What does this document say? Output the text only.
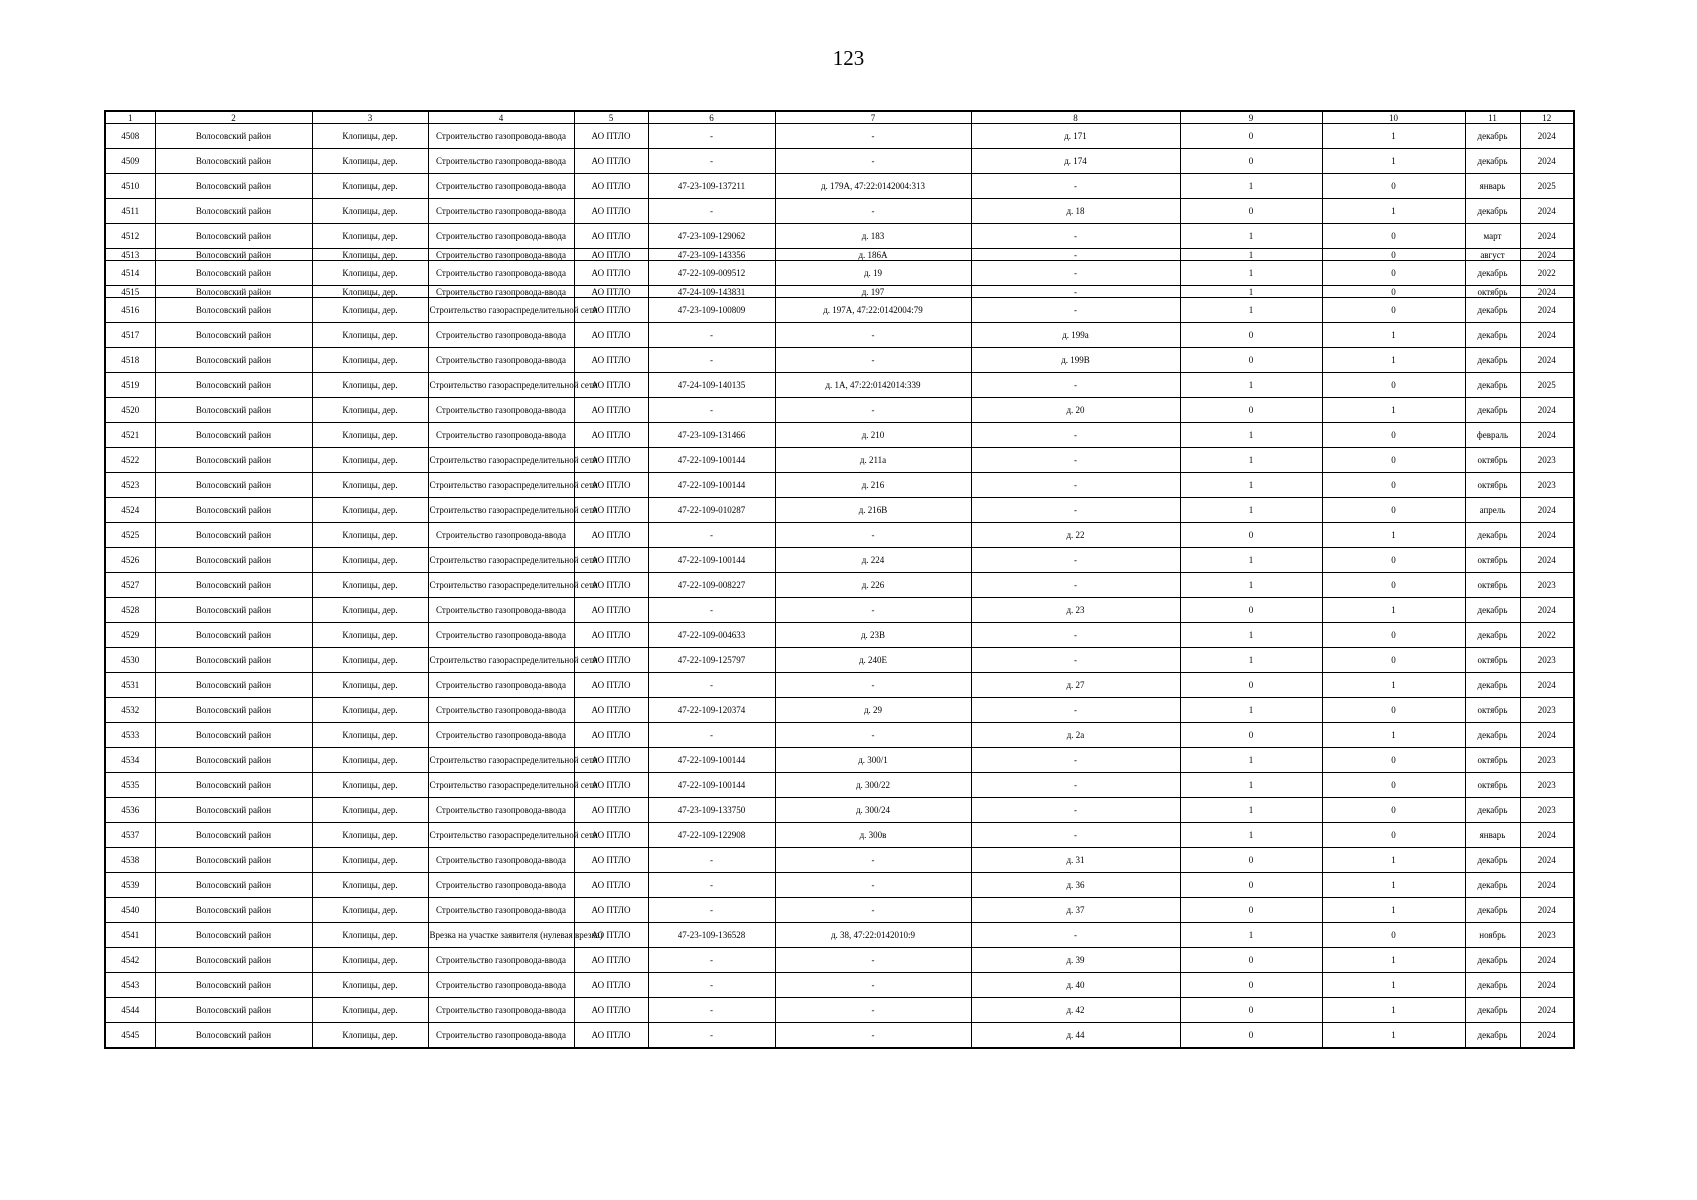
123
1	2	3	4	5	6	7	8	9	10	11	12
4508	Волосовский район	Клопицы, дер.	Строительство газопровода-ввода	АО ПТЛО	-	-	д. 171	0	1	декабрь	2024
4509	Волосовский район	Клопицы, дер.	Строительство газопровода-ввода	АО ПТЛО	-	-	д. 174	0	1	декабрь	2024
4510	Волосовский район	Клопицы, дер.	Строительство газопровода-ввода	АО ПТЛО	47-23-109-137211	д. 179А, 47:22:0142004:313	-	1	0	январь	2025
4511	Волосовский район	Клопицы, дер.	Строительство газопровода-ввода	АО ПТЛО	-	-	д. 18	0	1	декабрь	2024
4512	Волосовский район	Клопицы, дер.	Строительство газопровода-ввода	АО ПТЛО	47-23-109-129062	д. 183	-	1	0	март	2024
4513	Волосовский район	Клопицы, дер.	Строительство газопровода-ввода	АО ПТЛО	47-23-109-143356	д. 186А	-	1	0	август	2024
4514	Волосовский район	Клопицы, дер.	Строительство газопровода-ввода	АО ПТЛО	47-22-109-009512	д. 19	-	1	0	декабрь	2022
4515	Волосовский район	Клопицы, дер.	Строительство газопровода-ввода	АО ПТЛО	47-24-109-143831	д. 197	-	1	0	октябрь	2024
4516	Волосовский район	Клопицы, дер.	Строительство газораспределительной сети	АО ПТЛО	47-23-109-100809	д. 197А, 47:22:0142004:79	-	1	0	декабрь	2024
4517	Волосовский район	Клопицы, дер.	Строительство газопровода-ввода	АО ПТЛО	-	-	д. 199а	0	1	декабрь	2024
4518	Волосовский район	Клопицы, дер.	Строительство газопровода-ввода	АО ПТЛО	-	-	д. 199В	0	1	декабрь	2024
4519	Волосовский район	Клопицы, дер.	Строительство газораспределительной сети	АО ПТЛО	47-24-109-140135	д. 1А, 47:22:0142014:339	-	1	0	декабрь	2025
4520	Волосовский район	Клопицы, дер.	Строительство газопровода-ввода	АО ПТЛО	-	-	д. 20	0	1	декабрь	2024
4521	Волосовский район	Клопицы, дер.	Строительство газопровода-ввода	АО ПТЛО	47-23-109-131466	д. 210	-	1	0	февраль	2024
4522	Волосовский район	Клопицы, дер.	Строительство газораспределительной сети	АО ПТЛО	47-22-109-100144	д. 211а	-	1	0	октябрь	2023
4523	Волосовский район	Клопицы, дер.	Строительство газораспределительной сети	АО ПТЛО	47-22-109-100144	д. 216	-	1	0	октябрь	2023
4524	Волосовский район	Клопицы, дер.	Строительство газораспределительной сети	АО ПТЛО	47-22-109-010287	д. 216В	-	1	0	апрель	2024
4525	Волосовский район	Клопицы, дер.	Строительство газопровода-ввода	АО ПТЛО	-	-	д. 22	0	1	декабрь	2024
4526	Волосовский район	Клопицы, дер.	Строительство газораспределительной сети	АО ПТЛО	47-22-109-100144	д. 224	-	1	0	октябрь	2024
4527	Волосовский район	Клопицы, дер.	Строительство газораспределительной сети	АО ПТЛО	47-22-109-008227	д. 226	-	1	0	октябрь	2023
4528	Волосовский район	Клопицы, дер.	Строительство газопровода-ввода	АО ПТЛО	-	-	д. 23	0	1	декабрь	2024
4529	Волосовский район	Клопицы, дер.	Строительство газопровода-ввода	АО ПТЛО	47-22-109-004633	д. 23В	-	1	0	декабрь	2022
4530	Волосовский район	Клопицы, дер.	Строительство газораспределительной сети	АО ПТЛО	47-22-109-125797	д. 240Е	-	1	0	октябрь	2023
4531	Волосовский район	Клопицы, дер.	Строительство газопровода-ввода	АО ПТЛО	-	-	д. 27	0	1	декабрь	2024
4532	Волосовский район	Клопицы, дер.	Строительство газопровода-ввода	АО ПТЛО	47-22-109-120374	д. 29	-	1	0	октябрь	2023
4533	Волосовский район	Клопицы, дер.	Строительство газопровода-ввода	АО ПТЛО	-	-	д. 2а	0	1	декабрь	2024
4534	Волосовский район	Клопицы, дер.	Строительство газораспределительной сети	АО ПТЛО	47-22-109-100144	д. 300/1	-	1	0	октябрь	2023
4535	Волосовский район	Клопицы, дер.	Строительство газораспределительной сети	АО ПТЛО	47-22-109-100144	д. 300/22	-	1	0	октябрь	2023
4536	Волосовский район	Клопицы, дер.	Строительство газопровода-ввода	АО ПТЛО	47-23-109-133750	д. 300/24	-	1	0	декабрь	2023
4537	Волосовский район	Клопицы, дер.	Строительство газораспределительной сети	АО ПТЛО	47-22-109-122908	д. 300в	-	1	0	январь	2024
4538	Волосовский район	Клопицы, дер.	Строительство газопровода-ввода	АО ПТЛО	-	-	д. 31	0	1	декабрь	2024
4539	Волосовский район	Клопицы, дер.	Строительство газопровода-ввода	АО ПТЛО	-	-	д. 36	0	1	декабрь	2024
4540	Волосовский район	Клопицы, дер.	Строительство газопровода-ввода	АО ПТЛО	-	-	д. 37	0	1	декабрь	2024
4541	Волосовский район	Клопицы, дер.	Врезка на участке заявителя (нулевая врезка)	АО ПТЛО	47-23-109-136528	д. 38, 47:22:0142010:9	-	1	0	ноябрь	2023
4542	Волосовский район	Клопицы, дер.	Строительство газопровода-ввода	АО ПТЛО	-	-	д. 39	0	1	декабрь	2024
4543	Волосовский район	Клопицы, дер.	Строительство газопровода-ввода	АО ПТЛО	-	-	д. 40	0	1	декабрь	2024
4544	Волосовский район	Клопицы, дер.	Строительство газопровода-ввода	АО ПТЛО	-	-	д. 42	0	1	декабрь	2024
4545	Волосовский район	Клопицы, дер.	Строительство газопровода-ввода	АО ПТЛО	-	-	д. 44	0	1	декабрь	2024
